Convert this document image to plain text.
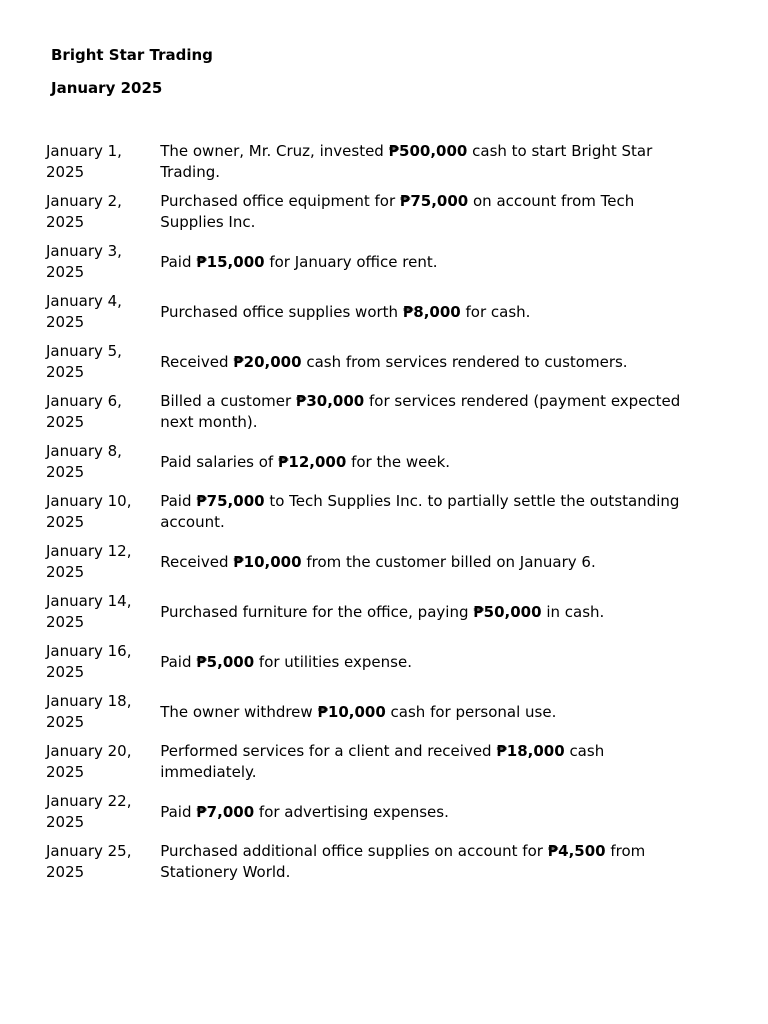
Bright Star Trading

January 2025

January 1, 2025	The owner, Mr. Cruz, invested ₱500,000 cash to start Bright Star Trading.
January 2, 2025	Purchased office equipment for ₱75,000 on account from Tech Supplies Inc.
January 3, 2025	Paid ₱15,000 for January office rent.
January 4, 2025	Purchased office supplies worth ₱8,000 for cash.
January 5, 2025	Received ₱20,000 cash from services rendered to customers.
January 6, 2025	Billed a customer ₱30,000 for services rendered (payment expected next month).
January 8, 2025	Paid salaries of ₱12,000 for the week.
January 10, 2025	Paid ₱75,000 to Tech Supplies Inc. to partially settle the outstanding account.
January 12, 2025	Received ₱10,000 from the customer billed on January 6.
January 14, 2025	Purchased furniture for the office, paying ₱50,000 in cash.
January 16, 2025	Paid ₱5,000 for utilities expense.
January 18, 2025	The owner withdrew ₱10,000 cash for personal use.
January 20, 2025	Performed services for a client and received ₱18,000 cash immediately.
January 22, 2025	Paid ₱7,000 for advertising expenses.
January 25, 2025	Purchased additional office supplies on account for ₱4,500 from Stationery World.
